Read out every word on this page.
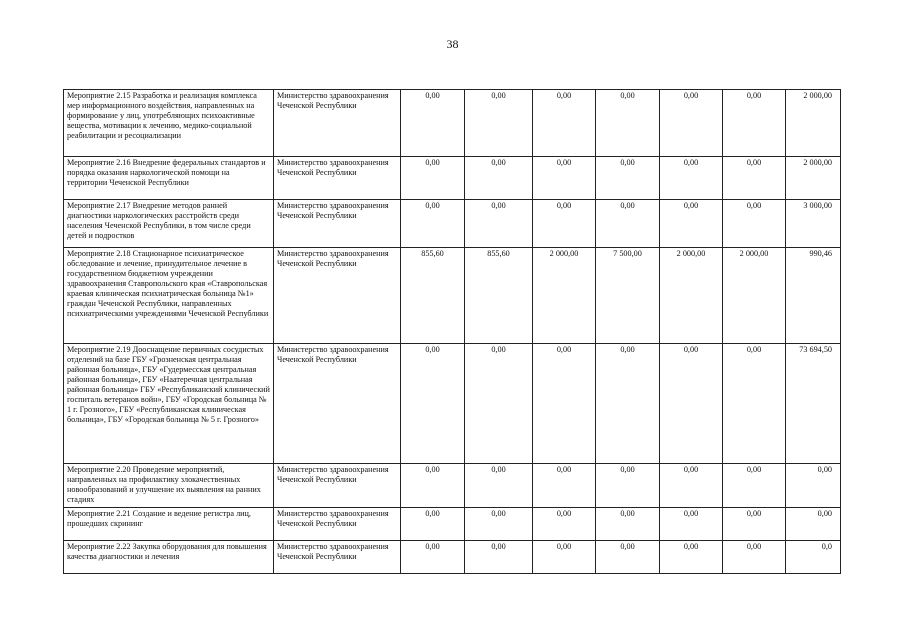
38
Мероприятие 2.15 Разработка и реализация комплекса мер информационного воздействия, направленных на формирование у лиц, употребляющих психоактивные вещества, мотивации к лечению, медико-социальной реабилитации и ресоциализации	Министерство здравоохранения Чеченской Республики	0,00	0,00	0,00	0,00	0,00	0,00	2 000,00
Мероприятие 2.16 Внедрение федеральных стандартов и порядка оказания наркологической помощи на территории Чеченской Республики	Министерство здравоохранения Чеченской Республики	0,00	0,00	0,00	0,00	0,00	0,00	2 000,00
Мероприятие 2.17 Внедрение методов ранней диагностики наркологических расстройств среди населения Чеченской Республики, в том числе среди детей и подростков	Министерство здравоохранения Чеченской Республики	0,00	0,00	0,00	0,00	0,00	0,00	3 000,00
Мероприятие 2.18 Стационарное психиатрическое обследование и лечение, принудительное лечение в государственном бюджетном учреждении здравоохранения Ставропольского края «Ставропольская краевая клиническая психиатрическая больница №1» граждан Чеченской Республики, направленных психиатрическими учреждениями Чеченской Республики	Министерство здравоохранения Чеченской Республики	855,60	855,60	2 000,00	7 500,00	2 000,00	2 000,00	990,46
Мероприятие 2.19 Дооснащение первичных сосудистых отделений на базе ГБУ «Грозненская центральная районная больница», ГБУ «Гудермесская центральная районная больница», ГБУ «Наатеречная центральная районная больница» ГБУ «Республиканский клинический госпиталь ветеранов войн», ГБУ «Городская больница № 1 г. Грозного», ГБУ «Республиканская клиническая больница», ГБУ «Городская больница № 5 г. Грозного»	Министерство здравоохранения Чеченской Республики	0,00	0,00	0,00	0,00	0,00	0,00	73 694,50
Мероприятие 2.20 Проведение мероприятий, направленных на профилактику злокачественных новообразований и улучшение их выявления на ранних стадиях	Министерство здравоохранения Чеченской Республики	0,00	0,00	0,00	0,00	0,00	0,00	0,00
Мероприятие 2.21 Создание и ведение регистра лиц, прошедших скрининг	Министерство здравоохранения Чеченской Республики	0,00	0,00	0,00	0,00	0,00	0,00	0,00
Мероприятие 2.22 Закупка оборудования для повышения качества диагностики и лечения	Министерство здравоохранения Чеченской Республики	0,00	0,00	0,00	0,00	0,00	0,00	0,0
